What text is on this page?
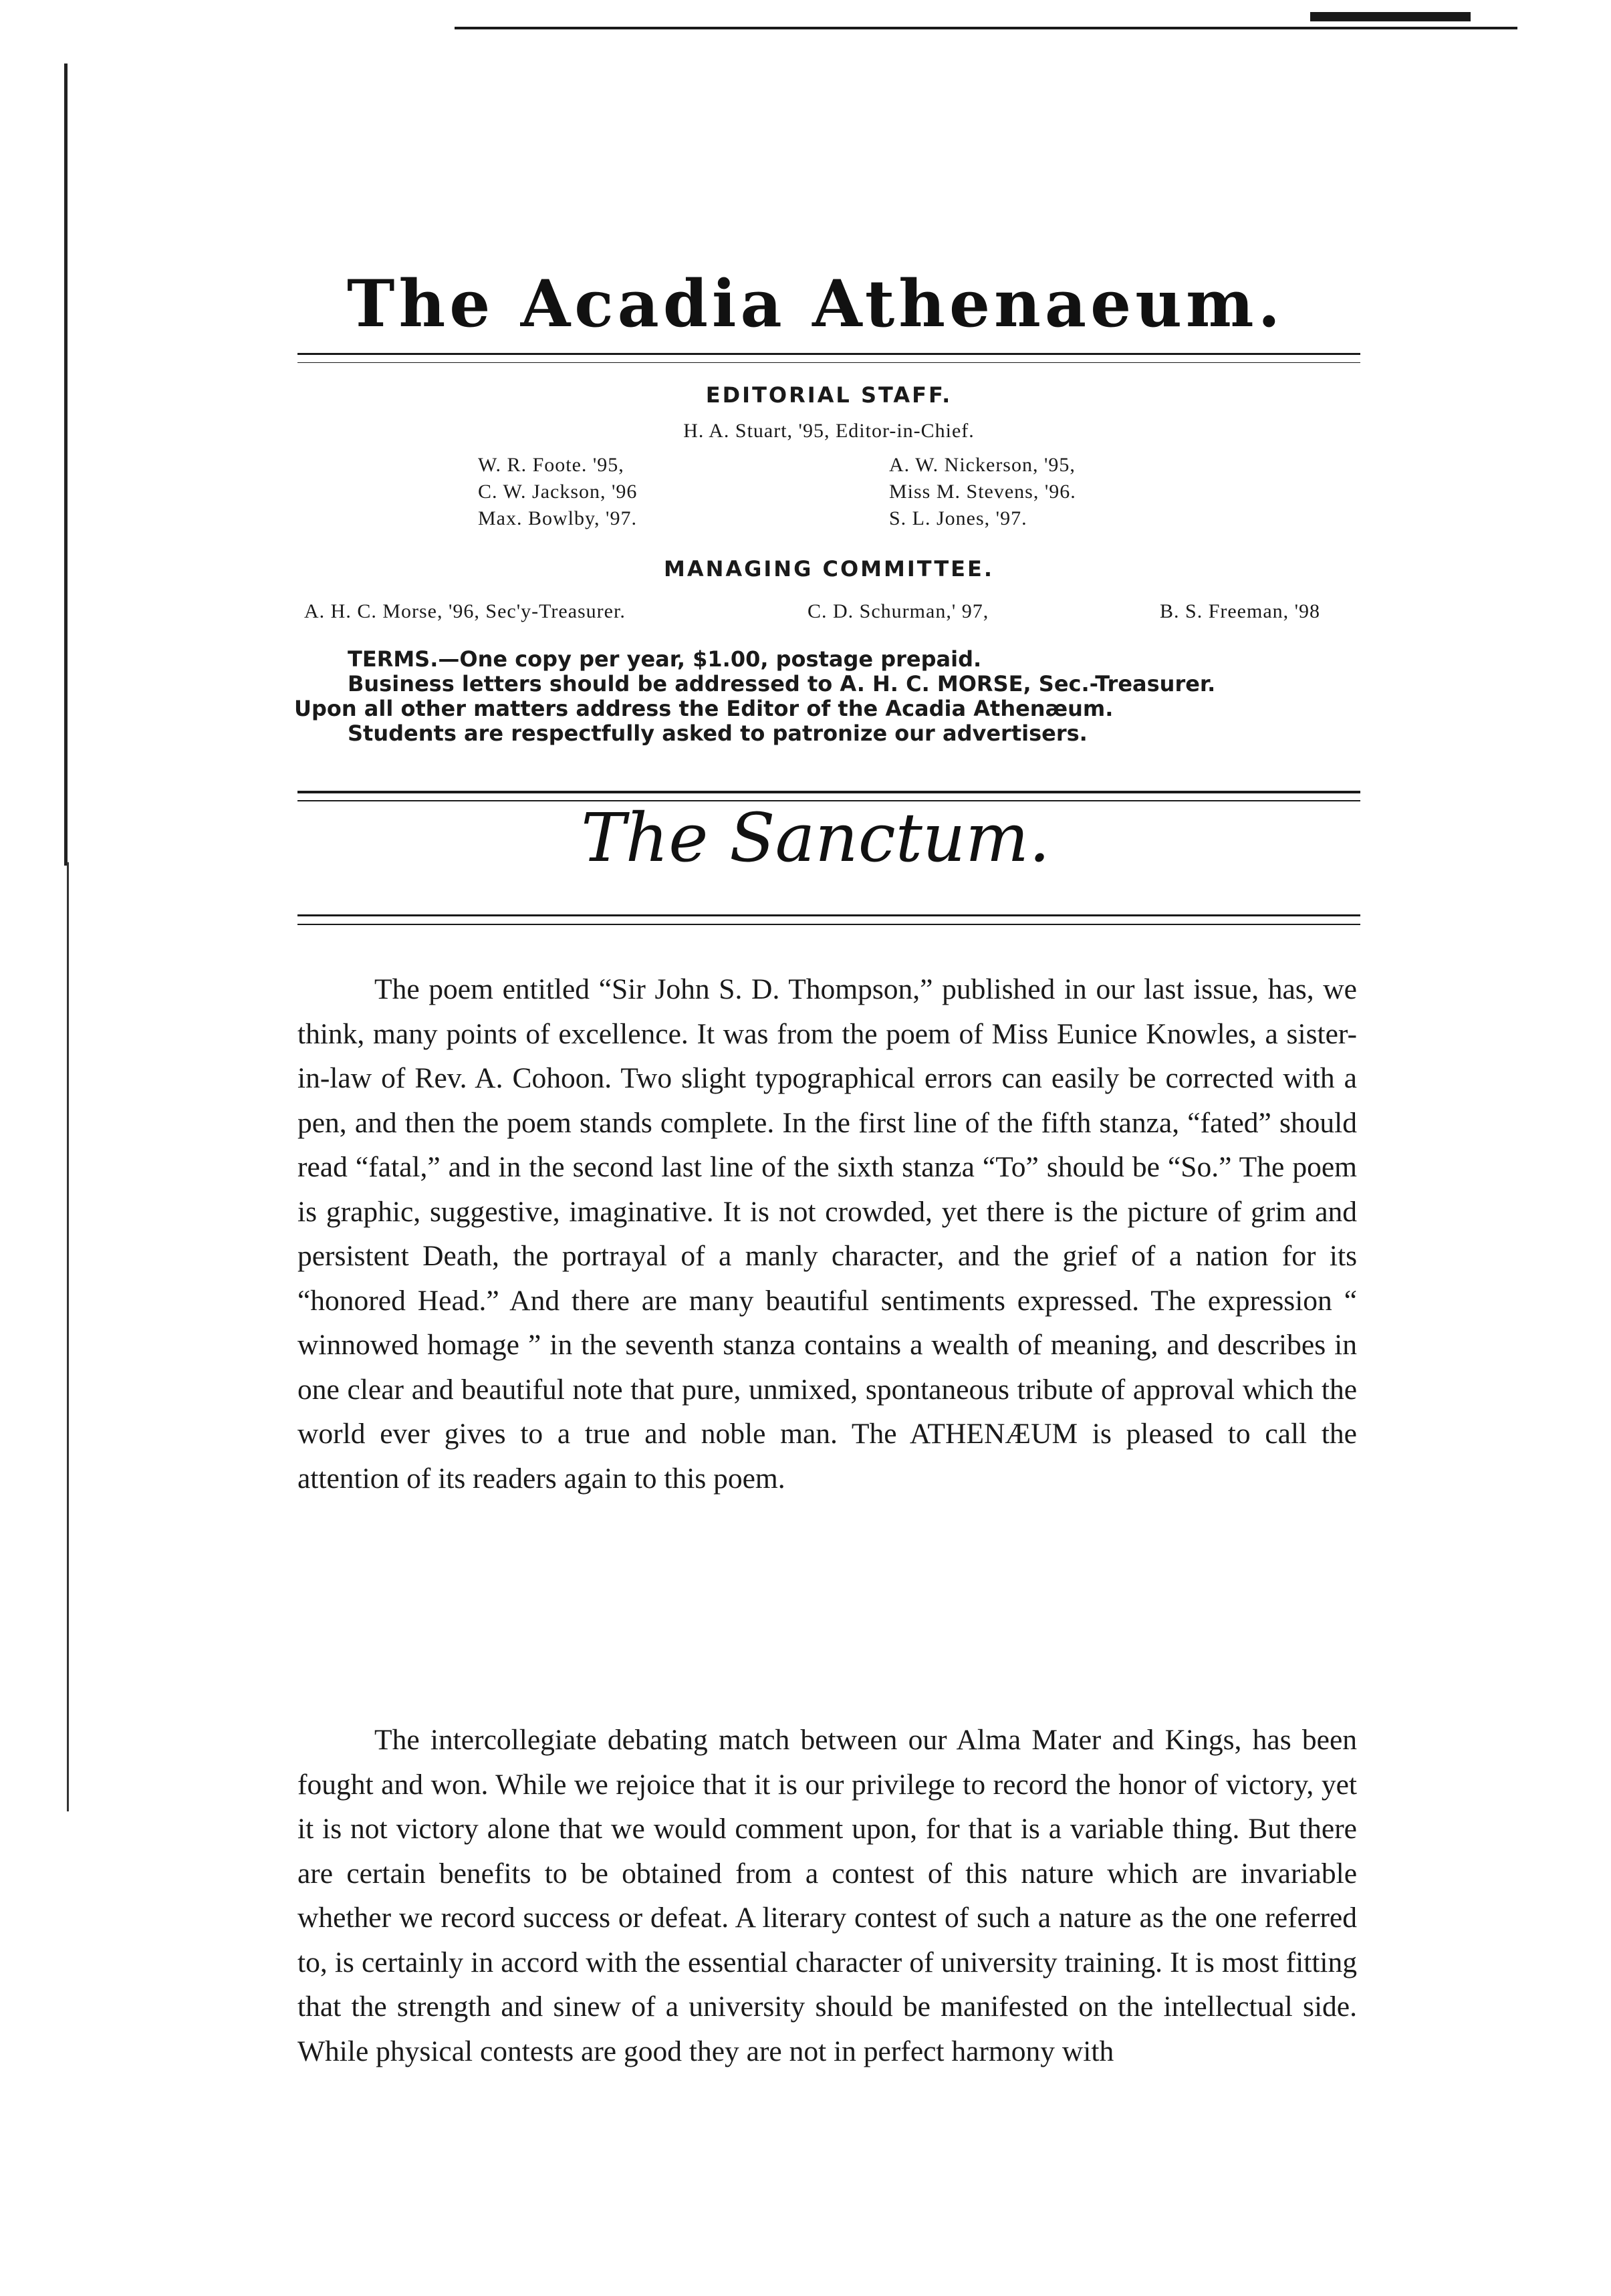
The Acadia Athenaeum.
EDITORIAL STAFF.
H. A. Stuart, '95, Editor-in-Chief.
W. R. Foote. '95,
C. W. Jackson, '96
Max. Bowlby, '97.
A. W. Nickerson, '95,
Miss M. Stevens, '96.
S. L. Jones, '97.
MANAGING COMMITTEE.
A. H. C. Morse, '96, Sec'y-Treasurer.	C. D. Schurman,' 97,	B. S. Freeman, '98
TERMS.—One copy per year, $1.00, postage prepaid.
Business letters should be addressed to A. H. C. MORSE, Sec.-Treasurer.
Upon all other matters address the Editor of the Acadia Athenæum.
Students are respectfully asked to patronize our advertisers.
The Sanctum.

The poem entitled “Sir John S. D. Thompson,” published in our last issue, has, we think, many points of excellence. It was from the poem of Miss Eunice Knowles, a sister-in-law of Rev. A. Cohoon. Two slight typographical errors can easily be corrected with a pen, and then the poem stands complete. In the first line of the fifth stanza, “fated” should read “fatal,” and in the second last line of the sixth stanza “To” should be “So.” The poem is graphic, suggestive, imaginative. It is not crowded, yet there is the picture of grim and persistent Death, the portrayal of a manly character, and the grief of a nation for its “honored Head.” And there are many beautiful sentiments expressed. The expression “ winnowed homage ” in the seventh stanza contains a wealth of meaning, and describes in one clear and beautiful note that pure, unmixed, spontaneous tribute of approval which the world ever gives to a true and noble man. The ATHENÆUM is pleased to call the attention of its readers again to this poem.

The intercollegiate debating match between our Alma Mater and Kings, has been fought and won. While we rejoice that it is our privilege to record the honor of victory, yet it is not victory alone that we would comment upon, for that is a variable thing. But there are certain benefits to be obtained from a contest of this nature which are invariable whether we record success or defeat. A literary contest of such a nature as the one referred to, is certainly in accord with the essential character of university training. It is most fitting that the strength and sinew of a university should be manifested on the intellectual side. While physical contests are good they are not in perfect harmony with
